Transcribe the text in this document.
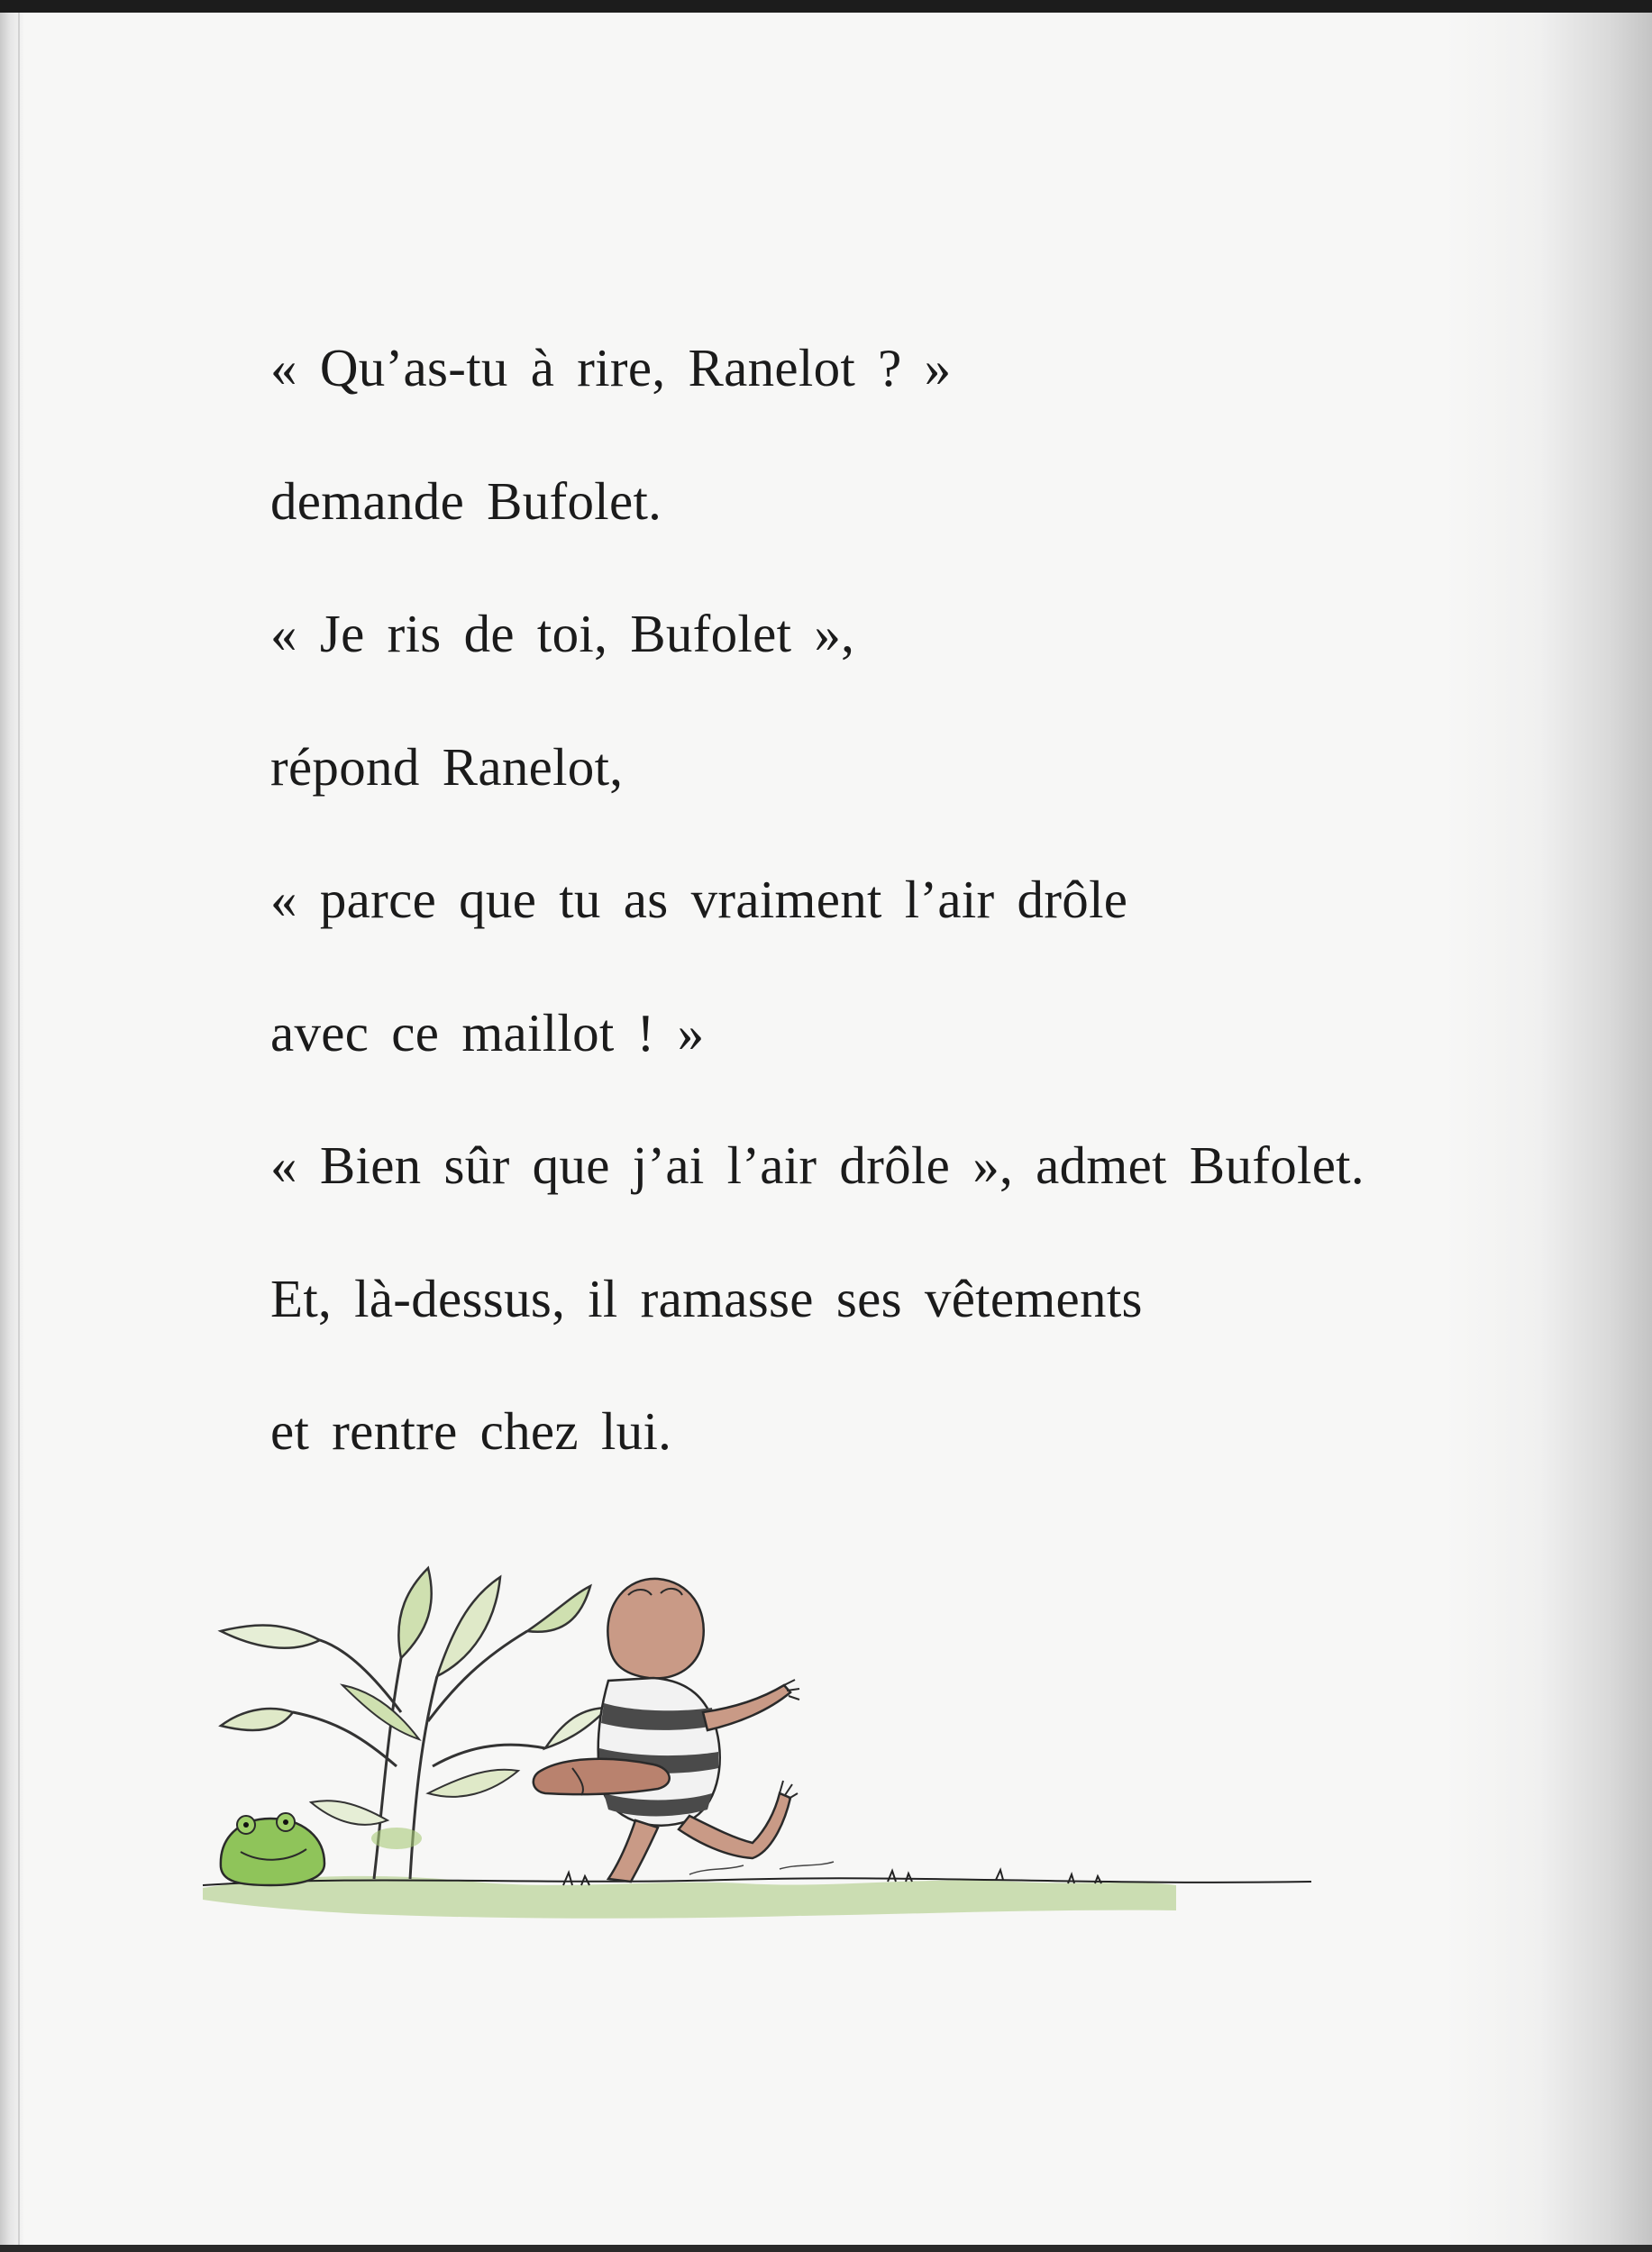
« Qu’as-tu à rire, Ranelot ? »
demande Bufolet.
« Je ris de toi, Bufolet »,
répond Ranelot,
« parce que tu as vraiment l’air drôle
avec ce maillot ! »
« Bien sûr que j’ai l’air drôle », admet Bufolet.
Et, là-dessus, il ramasse ses vêtements
et rentre chez lui.
